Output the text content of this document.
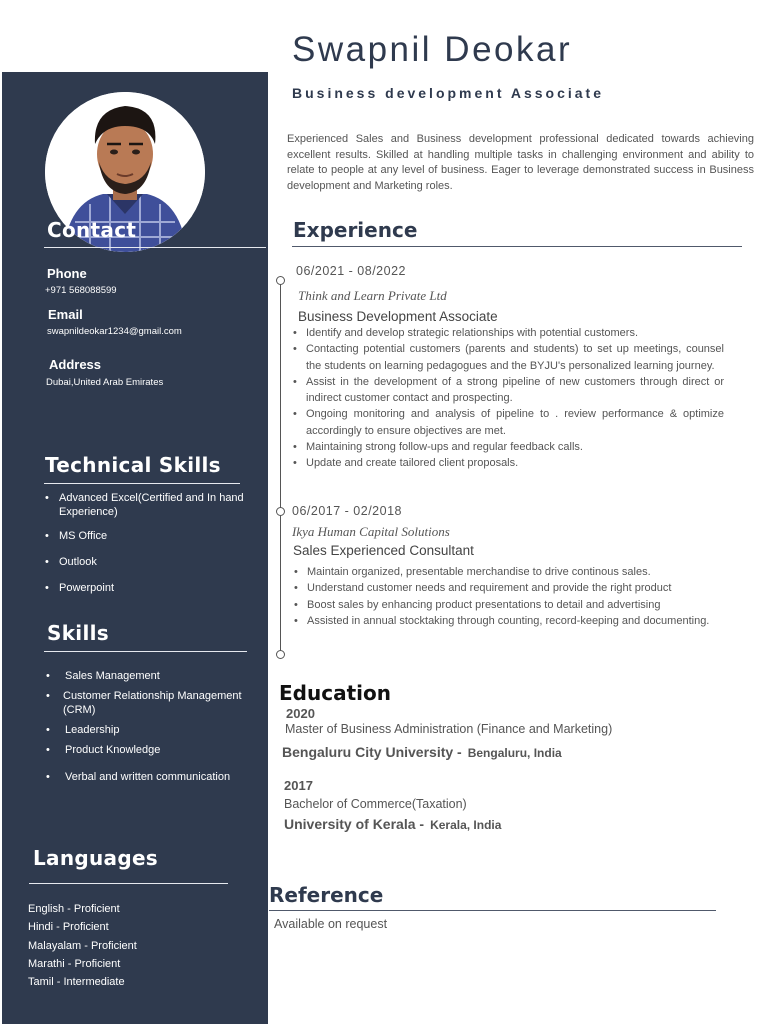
Contact
Phone
+971 568088599
Email
swapnildeokar1234@gmail.com
Address
Dubai,United Arab Emirates
Technical Skills
• Advanced Excel(Certified and In hand Experience)
• MS Office
• Outlook
• Powerpoint
Skills
• Sales Management
• Customer Relationship Management (CRM)
• Leadership
• Product Knowledge
• Verbal and written communication
Languages
English - Proficient
Hindi - Proficient
Malayalam - Proficient
Marathi - Proficient
Tamil - Intermediate
Swapnil Deokar
Business development Associate

Experienced Sales and Business development professional dedicated towards achieving excellent results. Skilled at handling multiple tasks in challenging environment and ability to relate to people at any level of business. Eager to leverage demonstrated success in Business development and Marketing roles.

Experience
06/2021 - 08/2022
Think and Learn Private Ltd
Business Development Associate
• Identify and develop strategic relationships with potential customers.
• Contacting potential customers (parents and students) to set up meetings, counsel the students on learning pedagogues and the BYJU's personalized learning journey.
• Assist in the development of a strong pipeline of new customers through direct or indirect customer contact and prospecting.
• Ongoing monitoring and analysis of pipeline to . review performance & optimize accordingly to ensure objectives are met.
• Maintaining strong follow-ups and regular feedback calls.
• Update and create tailored client proposals.
06/2017 - 02/2018
Ikya Human Capital Solutions
Sales Experienced Consultant
• Maintain organized, presentable merchandise to drive continous sales.
• Understand customer needs and requirement and provide the right product
• Boost sales by enhancing product presentations to detail and advertising
• Assisted in annual stocktaking through counting, record-keeping and documenting.
Education
2020
Master of Business Administration (Finance and Marketing)
Bengaluru City University - Bengaluru, India
2017
Bachelor of Commerce(Taxation)
University of Kerala - Kerala, India
Reference
Available on request
